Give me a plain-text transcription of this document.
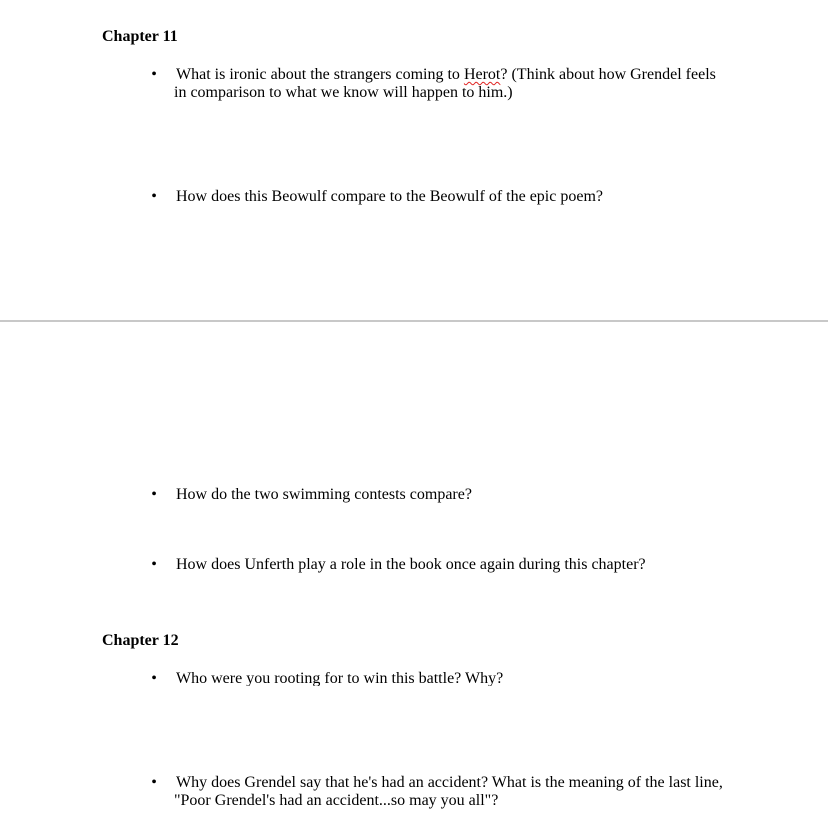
Chapter 11
• What is ironic about the strangers coming to Herot? (Think about how Grendel feels
in comparison to what we know will happen to him.)
• How does this Beowulf compare to the Beowulf of the epic poem?
• How do the two swimming contests compare?
• How does Unferth play a role in the book once again during this chapter?
Chapter 12
• Who were you rooting for to win this battle? Why?
• Why does Grendel say that he's had an accident? What is the meaning of the last line,
"Poor Grendel's had an accident...so may you all"?
